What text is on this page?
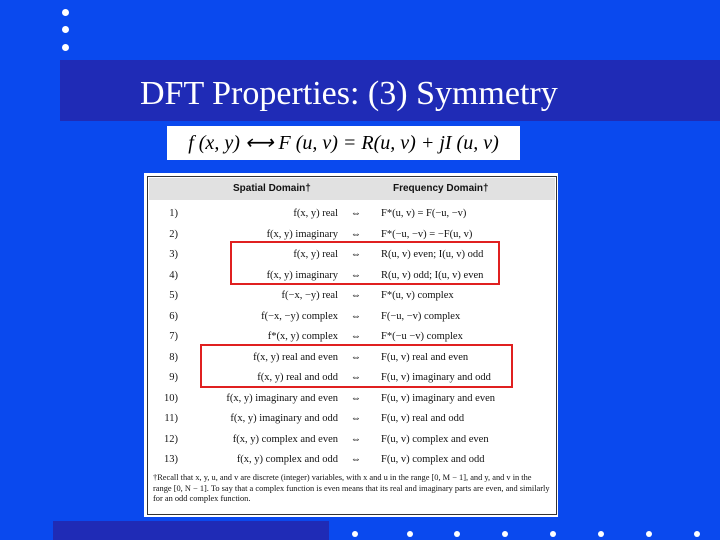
DFT Properties: (3) Symmetry
f (x, y) ⟷ F (u, v) = R(u, v) + jI (u, v)
Spatial Domain†	Frequency Domain†
1)	f(x, y) real	⇔	F*(u, v) = F(−u, −v)
2)	f(x, y) imaginary	⇔	F*(−u, −v) = −F(u, v)
3)	f(x, y) real	⇔	R(u, v) even; I(u, v) odd
4)	f(x, y) imaginary	⇔	R(u, v) odd; I(u, v) even
5)	f(−x, −y) real	⇔	F*(u, v) complex
6)	f(−x, −y) complex	⇔	F(−u, −v) complex
7)	f*(x, y) complex	⇔	F*(−u −v) complex
8)	f(x, y) real and even	⇔	F(u, v) real and even
9)	f(x, y) real and odd	⇔	F(u, v) imaginary and odd
10)	f(x, y) imaginary and even	⇔	F(u, v) imaginary and even
11)	f(x, y) imaginary and odd	⇔	F(u, v) real and odd
12)	f(x, y) complex and even	⇔	F(u, v) complex and even
13)	f(x, y) complex and odd	⇔	F(u, v) complex and odd
†Recall that x, y, u, and v are discrete (integer) variables, with x and u in the range [0, M − 1], and y, and v in the range [0, N − 1]. To say that a complex function is even means that its real and imaginary parts are even, and similarly for an odd complex function.
